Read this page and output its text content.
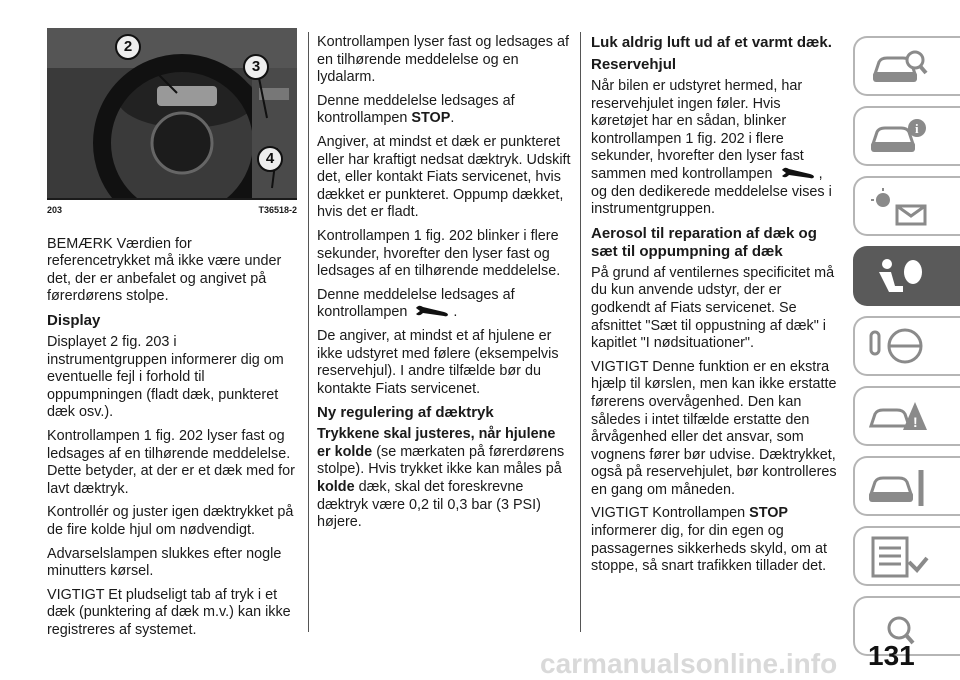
2
3
4
203	T36518-2

BEMÆRK Værdien for referencetrykket må ikke være under det, der er anbefalet og angivet på førerdørens stolpe.

Display

Displayet 2 fig. 203 i instrumentgruppen informerer dig om eventuelle fejl i forhold til oppumpningen (fladt dæk, punkteret dæk osv.).

Kontrollampen 1 fig. 202 lyser fast og ledsages af en tilhørende meddelelse. Dette betyder, at der er et dæk med for lavt dæktryk.

Kontrollér og juster igen dæktrykket på de fire kolde hjul om nødvendigt.

Advarselslampen slukkes efter nogle minutters kørsel.

VIGTIGT Et pludseligt tab af tryk i et dæk (punktering af dæk m.v.) kan ikke registreres af systemet.

Kontrollampen lyser fast og ledsages af en tilhørende meddelelse og en lydalarm.

Denne meddelelse ledsages af kontrollampen STOP.

Angiver, at mindst et dæk er punkteret eller har kraftigt nedsat dæktryk. Udskift det, eller kontakt Fiats servicenet, hvis dækket er punkteret. Oppump dækket, hvis det er fladt.

Kontrollampen 1 fig. 202 blinker i flere sekunder, hvorefter den lyser fast og ledsages af en tilhørende meddelelse.

Denne meddelelse ledsages af kontrollampen	.

De angiver, at mindst et af hjulene er ikke udstyret med følere (eksempelvis reservehjul). I andre tilfælde bør du kontakte Fiats servicenet.

Ny regulering af dæktryk

Trykkene skal justeres, når hjulene er kolde (se mærkaten på førerdørens stolpe). Hvis trykket ikke kan måles på kolde dæk, skal det foreskrevne dæktryk være 0,2 til 0,3 bar (3 PSI) højere.

Luk aldrig luft ud af et varmt dæk.
Reservehjul

Når bilen er udstyret hermed, har reservehjulet ingen føler. Hvis køretøjet har en sådan, blinker kontrollampen 1 fig. 202 i flere sekunder, hvorefter den lyser fast sammen med kontrollampen	, og den dedikerede meddelelse vises i instrumentgruppen.

Aerosol til reparation af dæk og sæt til oppumpning af dæk

På grund af ventilernes specificitet må du kun anvende udstyr, der er godkendt af Fiats servicenet. Se afsnittet "Sæt til oppustning af dæk" i kapitlet "I nødsituationer".

VIGTIGT Denne funktion er en ekstra hjælp til kørslen, men kan ikke erstatte førerens overvågenhed. Den kan således i intet tilfælde erstatte den årvågenhed eller det ansvar, som vognens fører bør udvise. Dæktrykket, også på reservehjulet, bør kontrolleres en gang om måneden.

VIGTIGT Kontrollampen STOP informerer dig, for din egen og passagernes sikkerheds skyld, om at stoppe, så snart trafikken tillader det.

i
!
carmanualsonline.info 131
